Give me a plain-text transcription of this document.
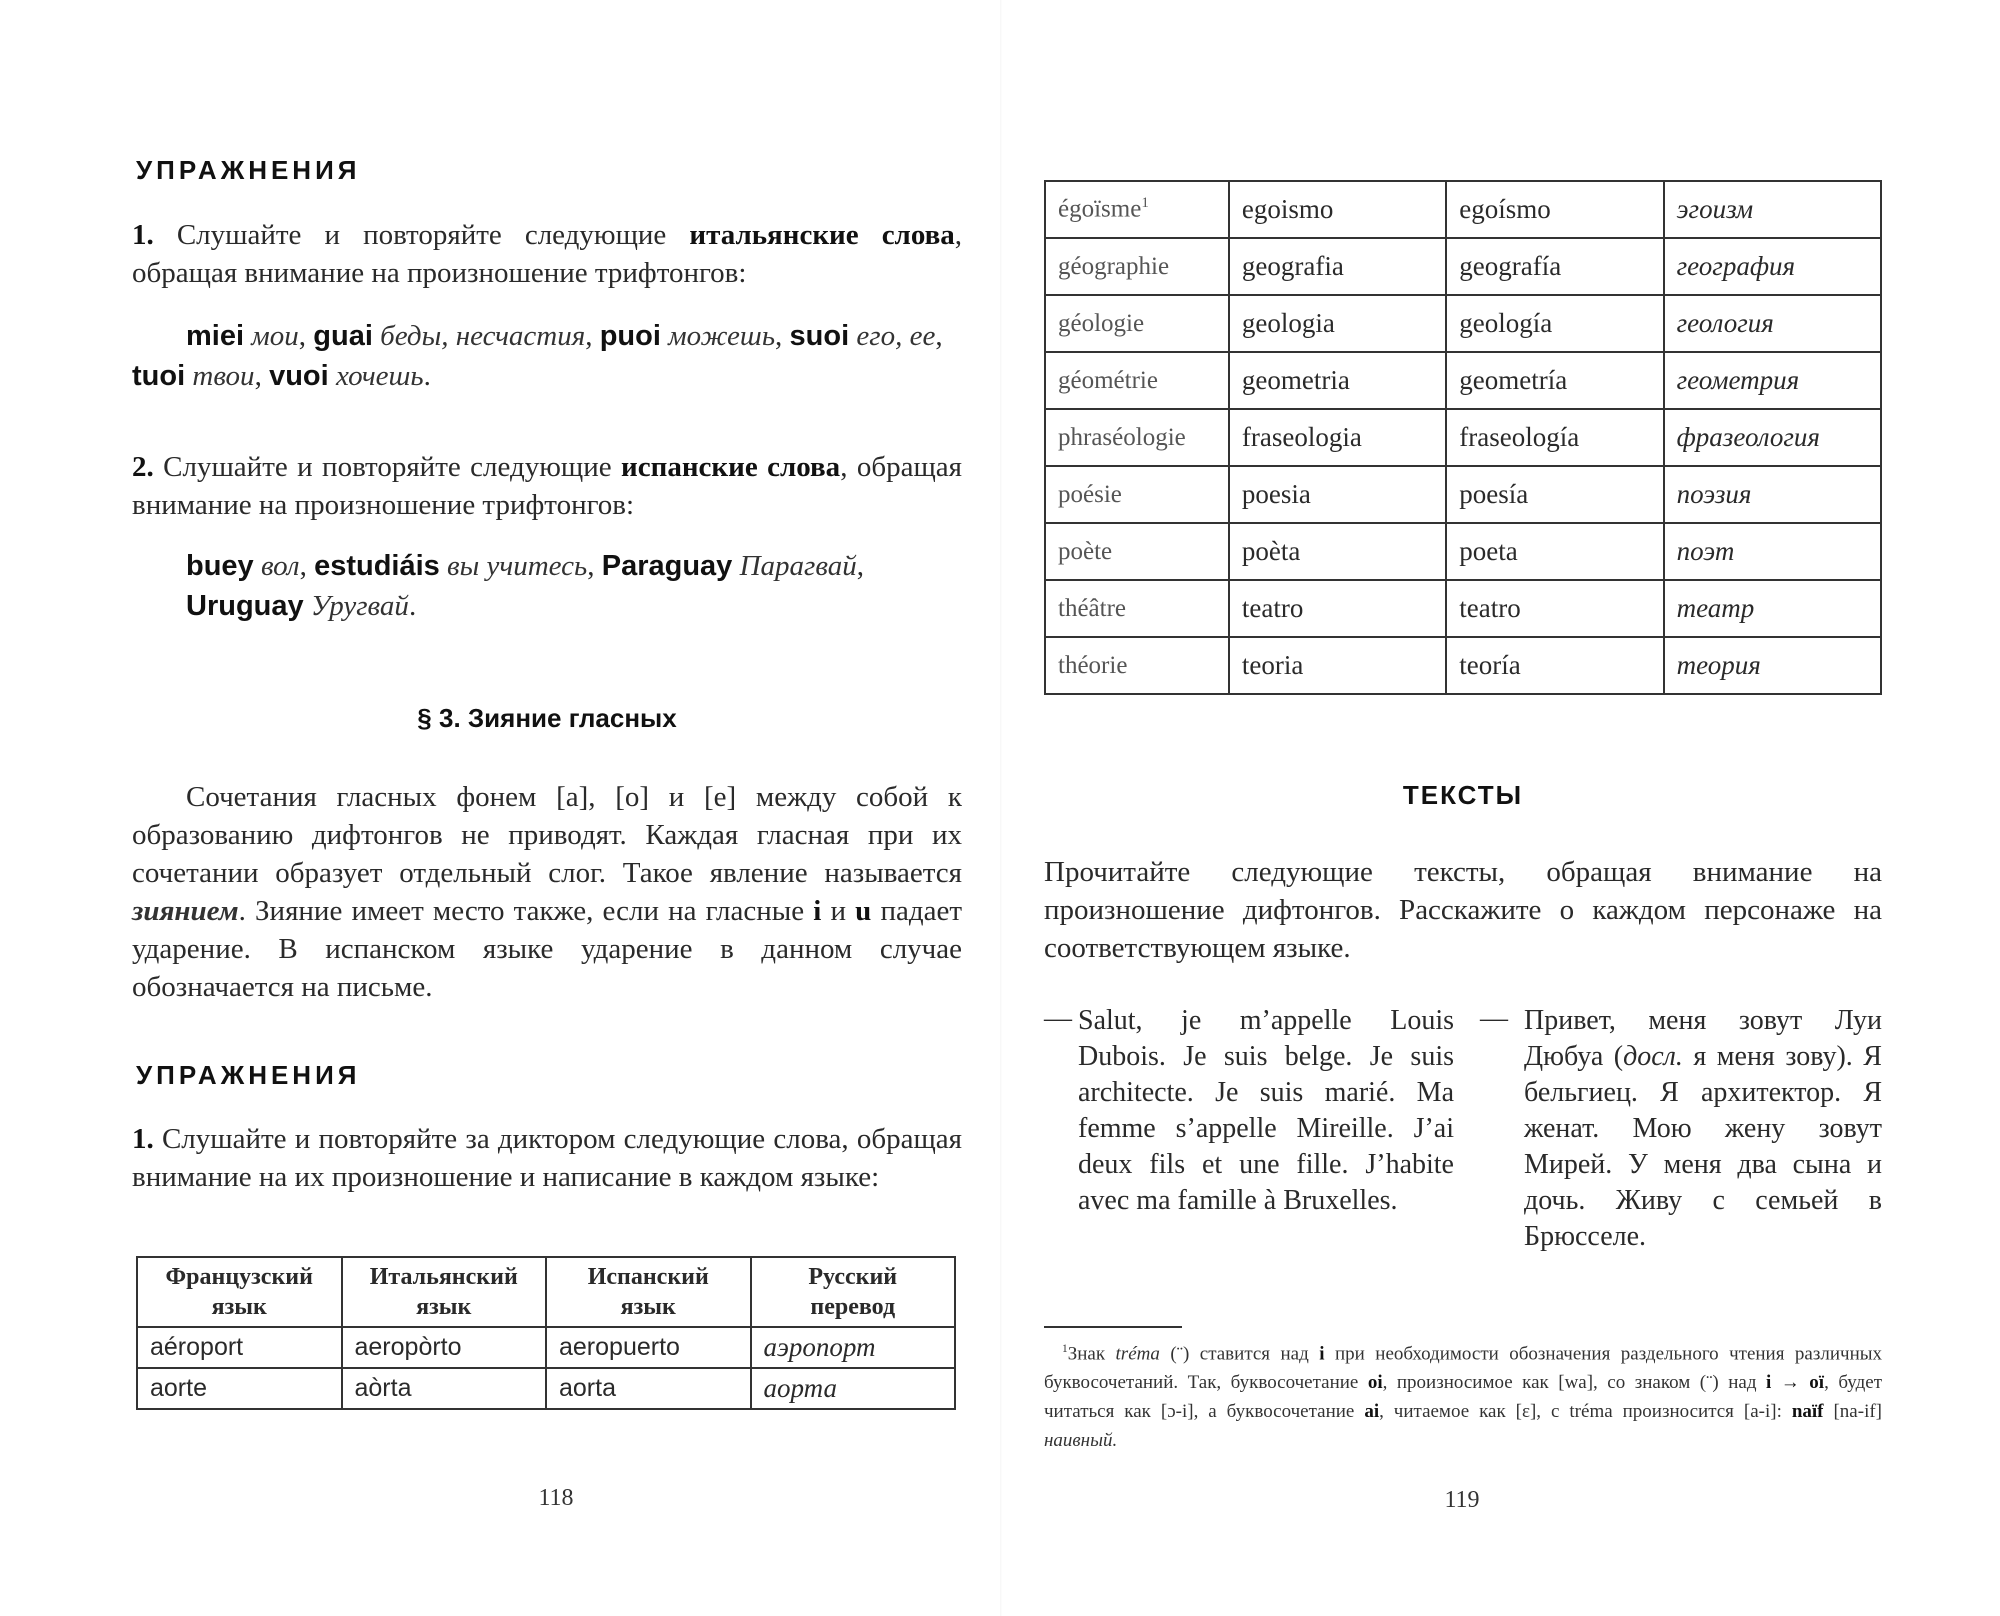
УПРАЖНЕНИЯ
1. Слушайте и повторяйте следующие итальянские слова, обращая внимание на произношение трифтонгов:
miei мои, guai беды, несчастия, puoi можешь, suoi его, ее,
tuoi твои, vuoi хочешь.
2. Слушайте и повторяйте следующие испанские слова, обращая внимание на произношение трифтонгов:
buey вол, estudiáis вы учитесь, Paraguay Парагвай,
Uruguay Уругвай.
§ 3. Зияние гласных
Сочетания гласных фонем [a], [o] и [e] между собой к образованию дифтонгов не приводят. Каждая гласная при их сочетании образует отдельный слог. Такое явление называется зиянием. Зияние имеет место также, если на гласные i и u падает ударение. В испанском языке ударение в данном случае обозначается на письме.
УПРАЖНЕНИЯ
1. Слушайте и повторяйте за диктором следующие слова, обращая внимание на их произношение и написание в каждом языке:
Французский язык	Итальянский язык	Испанский язык	Русский перевод
aéroport	aeropòrto	aeropuerto	аэропорт
aorte	aòrta	aorta	аорта
118
égoïsme$^1$	egoismo	egoísmo	эгоизм
géographie	geografia	geografía	география
géologie	geologia	geología	геология
géométrie	geometria	geometría	геометрия
phraséologie	fraseologia	fraseología	фразеология
poésie	poesia	poesía	поэзия
poète	poèta	poeta	поэт
théâtre	teatro	teatro	театр
théorie	teoria	teoría	теория
ТЕКСТЫ
Прочитайте следующие тексты, обращая внимание на произношение дифтонгов. Расскажите о каждом персонаже на соответствующем языке.
— Salut, je m’appelle Louis Dubois. Je suis belge. Je suis architecte. Je suis marié. Ma femme s’appelle Mireille. J’ai deux fils et une fille. J’habite avec ma famille à Bruxelles.
— Привет, меня зовут Луи Дюбуа (досл. я меня зову). Я бельгиец. Я архитектор. Я женат. Мою жену зовут Мирей. У меня два сына и дочь. Живу с семьей в Брюсселе.
$^1$Знак tréma (¨) ставится над i при необходимости обозначения раздельного чтения различных буквосочетаний. Так, буквосочетание oi, произносимое как [wa], со знаком (¨) над i → oï, будет читаться как [ɔ-i], а буквосочетание ai, читаемое как [ɛ], с tréma произносится [a-i]: naïf [na-if] наивный.
119
